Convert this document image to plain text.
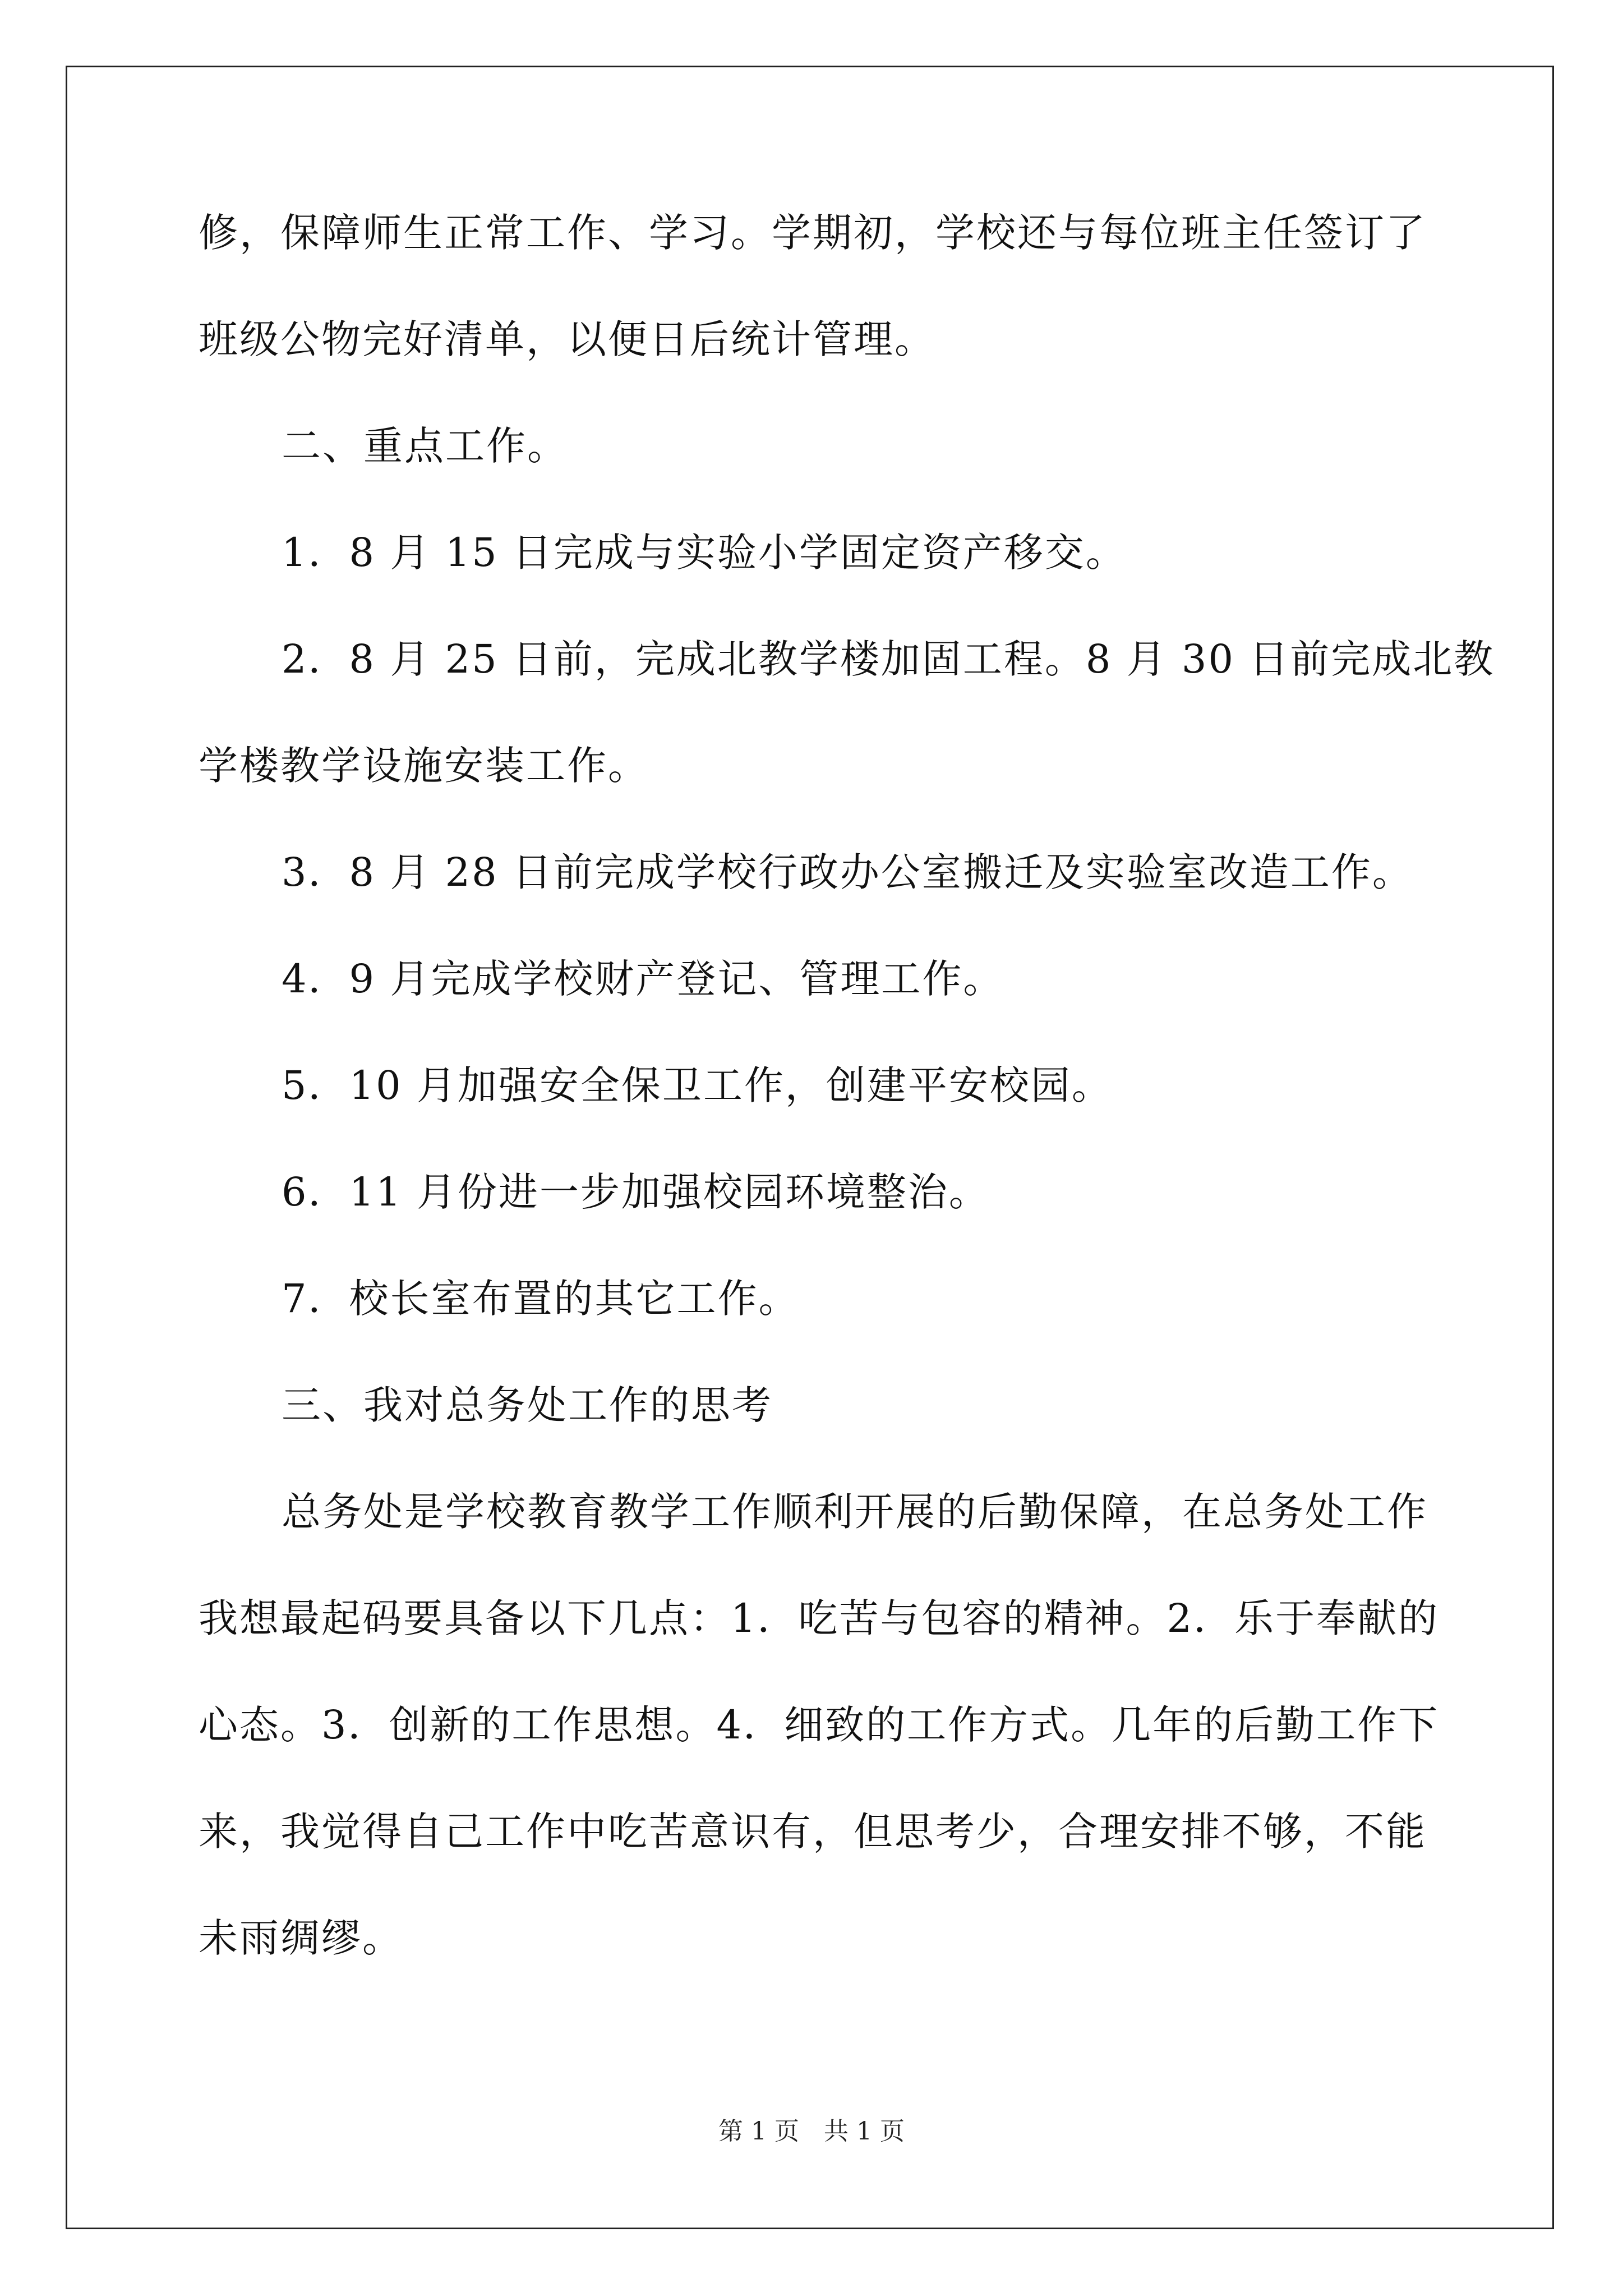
修，保障师生正常工作、学习。学期初，学校还与每位班主任签订了
班级公物完好清单，以便日后统计管理。
二、重点工作。
1．8 月 15 日完成与实验小学固定资产移交。
2．8 月 25 日前，完成北教学楼加固工程。8 月 30 日前完成北教
学楼教学设施安装工作。
3．8 月 28 日前完成学校行政办公室搬迁及实验室改造工作。
4．9 月完成学校财产登记、管理工作。
5．10 月加强安全保卫工作，创建平安校园。
6．11 月份进一步加强校园环境整治。
7．校长室布置的其它工作。
三、我对总务处工作的思考
总务处是学校教育教学工作顺利开展的后勤保障，在总务处工作
我想最起码要具备以下几点：1．吃苦与包容的精神。2．乐于奉献的
心态。3．创新的工作思想。4．细致的工作方式。几年的后勤工作下
来，我觉得自己工作中吃苦意识有，但思考少，合理安排不够，不能
未雨绸缪。
第 1 页　共 1 页
